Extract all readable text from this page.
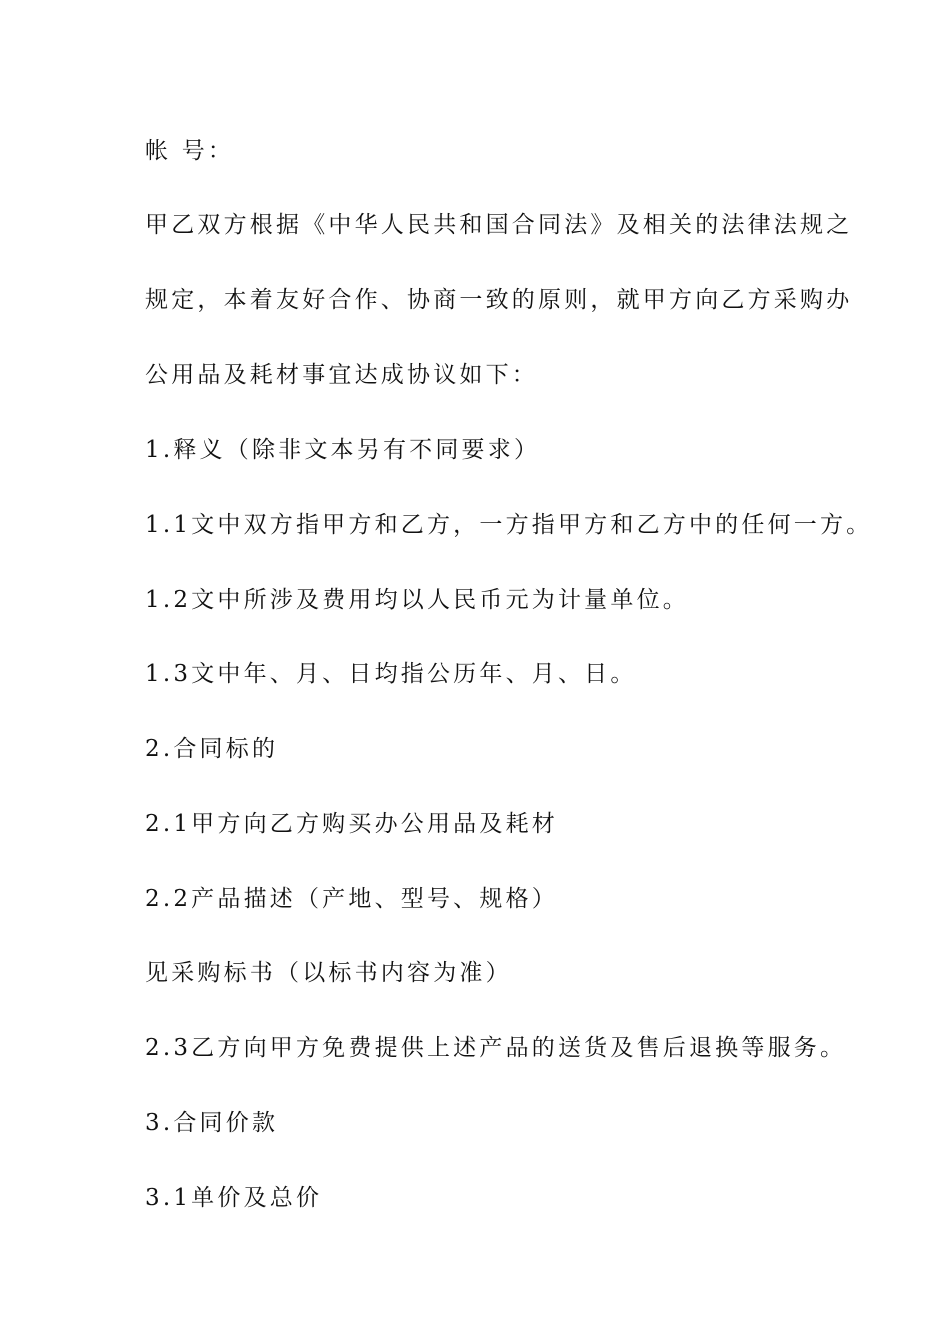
帐 号：
甲乙双方根据《中华人民共和国合同法》及相关的法律法规之
规定，本着友好合作、协商一致的原则，就甲方向乙方采购办
公用品及耗材事宜达成协议如下：
1.释义（除非文本另有不同要求）
1.1文中双方指甲方和乙方，一方指甲方和乙方中的任何一方。
1.2文中所涉及费用均以人民币元为计量单位。
1.3文中年、月、日均指公历年、月、日。
2.合同标的
2.1甲方向乙方购买办公用品及耗材
2.2产品描述（产地、型号、规格）
见采购标书（以标书内容为准）
2.3乙方向甲方免费提供上述产品的送货及售后退换等服务。
3.合同价款
3.1单价及总价
